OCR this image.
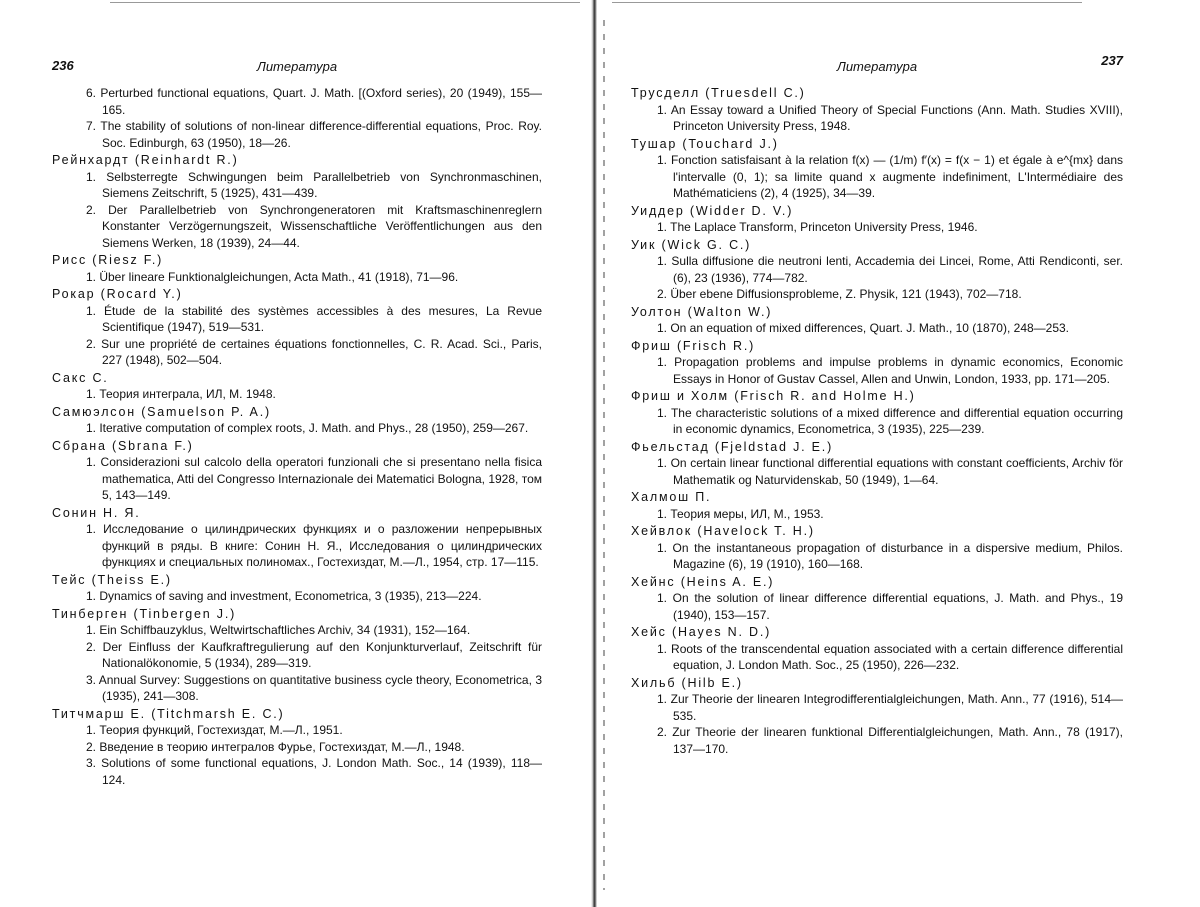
236	Литература
6. Perturbed functional equations, Quart. J. Math. [(Oxford series), 20 (1949), 155—165.
7. The stability of solutions of non-linear difference-differential equations, Proc. Roy. Soc. Edinburgh, 63 (1950), 18—26.
Рейнхардт (Reinhardt R.)
1. Selbsterregte Schwingungen beim Parallelbetrieb von Synchronmaschinen, Siemens Zeitschrift, 5 (1925), 431—439.
2. Der Parallelbetrieb von Synchrongeneratoren mit Kraftsmaschinenreglern Konstanter Verzögernungszeit, Wissenschaftliche Veröffentlichungen aus den Siemens Werken, 18 (1939), 24—44.
Рисс (Riesz F.)
1. Über lineare Funktionalgleichungen, Acta Math., 41 (1918), 71—96.
Рокар (Rocard Y.)
1. Étude de la stabilité des systèmes accessibles à des mesures, La Revue Scientifique (1947), 519—531.
2. Sur une propriété de certaines équations fonctionnelles, C. R. Acad. Sci., Paris, 227 (1948), 502—504.
Сакс С.
1. Теория интеграла, ИЛ, М. 1948.
Самюэлсон (Samuelson P. A.)
1. Iterative computation of complex roots, J. Math. and Phys., 28 (1950), 259—267.
Сбрана (Sbrana F.)
1. Considerazioni sul calcolo della operatori funzionali che si presentano nella fisica mathematica, Atti del Congresso Internazionale dei Matematici Bologna, 1928, том 5, 143—149.
Сонин Н. Я.
1. Исследование о цилиндрических функциях и о разложении непрерывных функций в ряды. В книге: Сонин Н. Я., Исследования о цилиндрических функциях и специальных полиномах., Гостехиздат, М.—Л., 1954, стр. 17—115.
Тейс (Theiss E.)
1. Dynamics of saving and investment, Econometrica, 3 (1935), 213—224.
Тинберген (Tinbergen J.)
1. Ein Schiffbauzyklus, Weltwirtschaftliches Archiv, 34 (1931), 152—164.
2. Der Einfluss der Kaufkraftregulierung auf den Konjunkturverlauf, Zeitschrift für Nationalökonomie, 5 (1934), 289—319.
3. Annual Survey: Suggestions on quantitative business cycle theory, Econometrica, 3 (1935), 241—308.
Титчмарш Е. (Titchmarsh E. C.)
1. Теория функций, Гостехиздат, М.—Л., 1951.
2. Введение в теорию интегралов Фурье, Гостехиздат, М.—Л., 1948.
3. Solutions of some functional equations, J. London Math. Soc., 14 (1939), 118—124.
Литература	237
Трусделл (Truesdell C.)
1. An Essay toward a Unified Theory of Special Functions (Ann. Math. Studies XVIII), Princeton University Press, 1948.
Тушар (Touchard J.)
1. Fonction satisfaisant à la relation f(x) — (1/m) f′(x) = f(x − 1) et égale à e^{mx} dans l'intervalle (0, 1); sa limite quand x augmente indefiniment, L'Intermédiaire des Mathématiciens (2), 4 (1925), 34—39.
Уиддер (Widder D. V.)
1. The Laplace Transform, Princeton University Press, 1946.
Уик (Wick G. C.)
1. Sulla diffusione die neutroni lenti, Accademia dei Lincei, Rome, Atti Rendiconti, ser. (6), 23 (1936), 774—782.
2. Über ebene Diffusionsprobleme, Z. Physik, 121 (1943), 702—718.
Уолтон (Walton W.)
1. On an equation of mixed differences, Quart. J. Math., 10 (1870), 248—253.
Фриш (Frisch R.)
1. Propagation problems and impulse problems in dynamic economics, Economic Essays in Honor of Gustav Cassel, Allen and Unwin, London, 1933, pp. 171—205.
Фриш и Холм (Frisch R. and Holme H.)
1. The characteristic solutions of a mixed difference and differential equation occurring in economic dynamics, Econometrica, 3 (1935), 225—239.
Фьельстад (Fjeldstad J. E.)
1. On certain linear functional differential equations with constant coefficients, Archiv för Mathematik og Naturvidenskab, 50 (1949), 1—64.
Халмош П.
1. Теория меры, ИЛ, М., 1953.
Хейвлок (Havelock T. H.)
1. On the instantaneous propagation of disturbance in a dispersive medium, Philos. Magazine (6), 19 (1910), 160—168.
Хейнс (Heins A. E.)
1. On the solution of linear difference differential equations, J. Math. and Phys., 19 (1940), 153—157.
Хейс (Hayes N. D.)
1. Roots of the transcendental equation associated with a certain difference differential equation, J. London Math. Soc., 25 (1950), 226—232.
Хильб (Hilb E.)
1. Zur Theorie der linearen Integrodifferentialgleichungen, Math. Ann., 77 (1916), 514—535.
2. Zur Theorie der linearen funktional Differentialgleichungen, Math. Ann., 78 (1917), 137—170.
